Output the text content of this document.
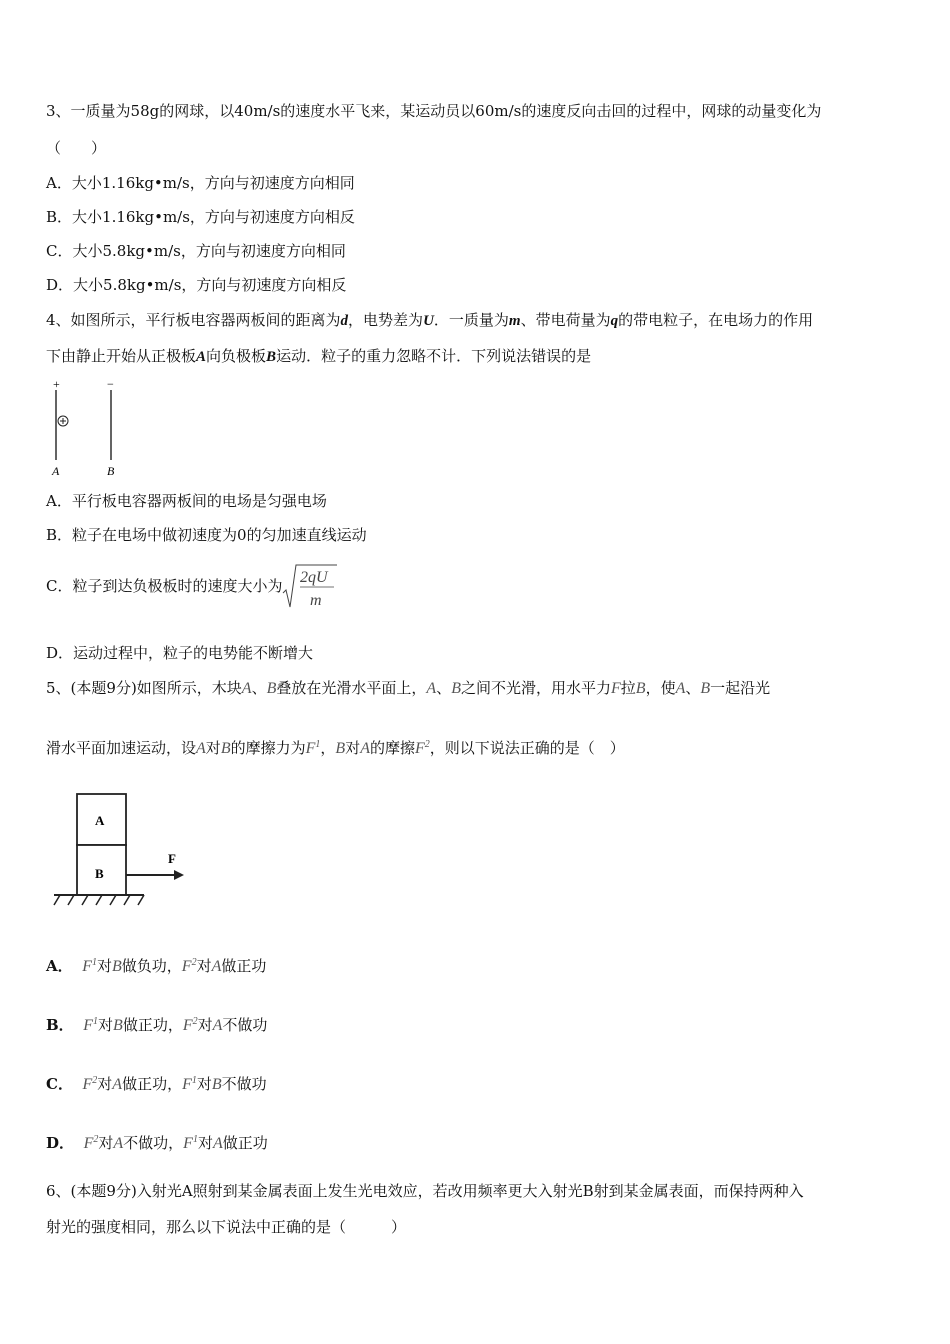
3、一质量为58g的网球，以40m/s的速度水平飞来，某运动员以60m/s的速度反向击回的过程中，网球的动量变化为
（　　）
A．大小1.16kg•m/s，方向与初速度方向相同
B．大小1.16kg•m/s，方向与初速度方向相反
C．大小5.8kg•m/s，方向与初速度方向相同
D．大小5.8kg•m/s，方向与初速度方向相反
4、如图所示，平行板电容器两板间的距离为d，电势差为U．一质量为m、带电荷量为q的带电粒子，在电场力的作用
下由静止开始从正极板A向负极板B运动．粒子的重力忽略不计．下列说法错误的是
+	−
A	B
A．平行板电容器两板间的电场是匀强电场
B．粒子在电场中做初速度为0的匀加速直线运动
C．粒子到达负极板时的速度大小为 2qU
m
D．运动过程中，粒子的电势能不断增大
5、(本题9分)如图所示，木块A、B叠放在光滑水平面上，A、B之间不光滑，用水平力F拉B，使A、B一起沿光
滑水平面加速运动，设A对B的摩擦力为$F^1$，B对A的摩擦$F^2$，则以下说法正确的是（　）
A
B
F
A． $F^1$对B做负功，$F^2$对A做正功
B． $F^1$对B做正功，$F^2$对A不做功
C． $F^2$对A做正功，$F^1$对B不做功
D． $F^2$对A不做功，$F^1$对A做正功
6、(本题9分)入射光A照射到某金属表面上发生光电效应，若改用频率更大入射光B射到某金属表面，而保持两种入
射光的强度相同，那么以下说法中正确的是（　　　）
